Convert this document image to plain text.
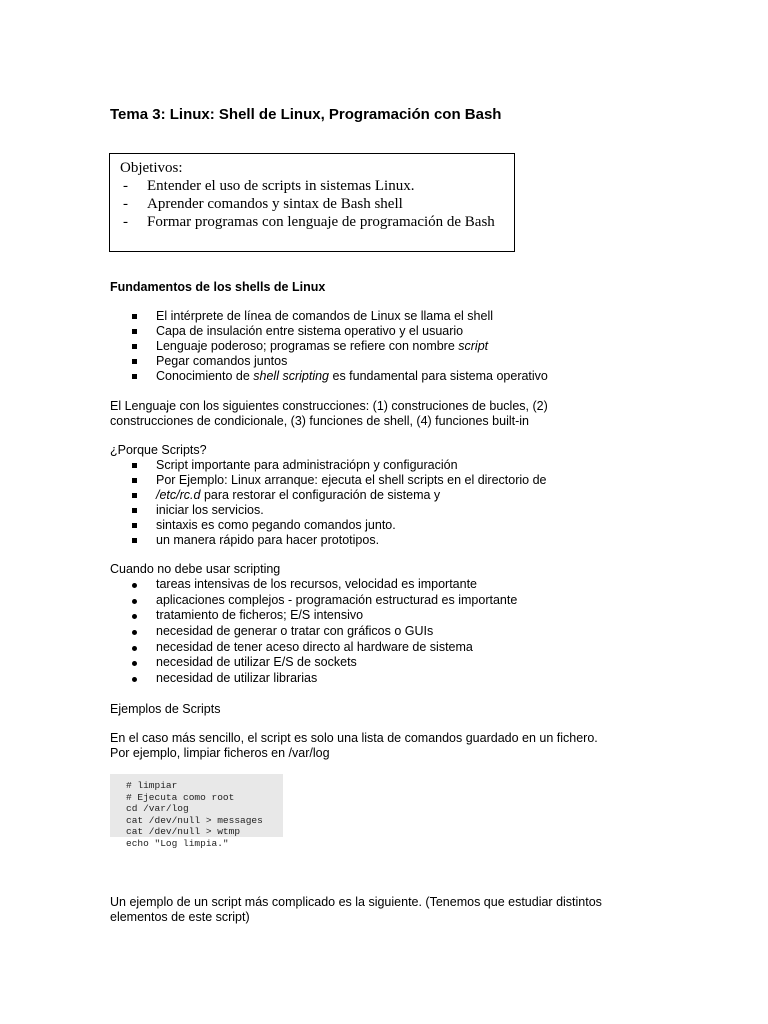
Tema 3: Linux: Shell de Linux, Programación con Bash
Objetivos:
- Entender el uso de scripts in sistemas Linux.
- Aprender comandos y sintax de Bash shell
- Formar programas con lenguaje de programación de Bash
Fundamentos de los shells de Linux
El intérprete de línea de comandos de Linux se llama el shell
Capa de insulación entre sistema operativo y el usuario
Lenguaje poderoso; programas se refiere con nombre script
Pegar comandos juntos
Conocimiento de shell scripting es fundamental para sistema operativo
El Lenguaje con los siguientes construcciones: (1) construciones de bucles, (2)
construcciones de condicionale, (3) funciones de shell, (4) funciones built-in
¿Porque Scripts?
Script importante para administraciópn y configuración
Por Ejemplo: Linux arranque: ejecuta el shell scripts en el directorio de
/etc/rc.d para restorar el configuración de sistema y
iniciar los servicios.
sintaxis es como pegando comandos junto.
un manera rápido para hacer prototipos.
Cuando no debe usar scripting
tareas intensivas de los recursos, velocidad es importante
aplicaciones complejos - programación estructurad es importante
tratamiento de ficheros; E/S intensivo
necesidad de generar o tratar con gráficos o GUIs
necesidad de tener aceso directo al hardware de sistema
necesidad de utilizar E/S de sockets
necesidad de utilizar librarias
Ejemplos de Scripts
En el caso más sencillo, el script es solo una lista de comandos guardado en un fichero.
Por ejemplo, limpiar ficheros en /var/log
# limpiar
# Ejecuta como root
cd /var/log
cat /dev/null > messages
cat /dev/null > wtmp
echo "Log limpia."
Un ejemplo de un script más complicado es la siguiente. (Tenemos que estudiar distintos
elementos de este script)
